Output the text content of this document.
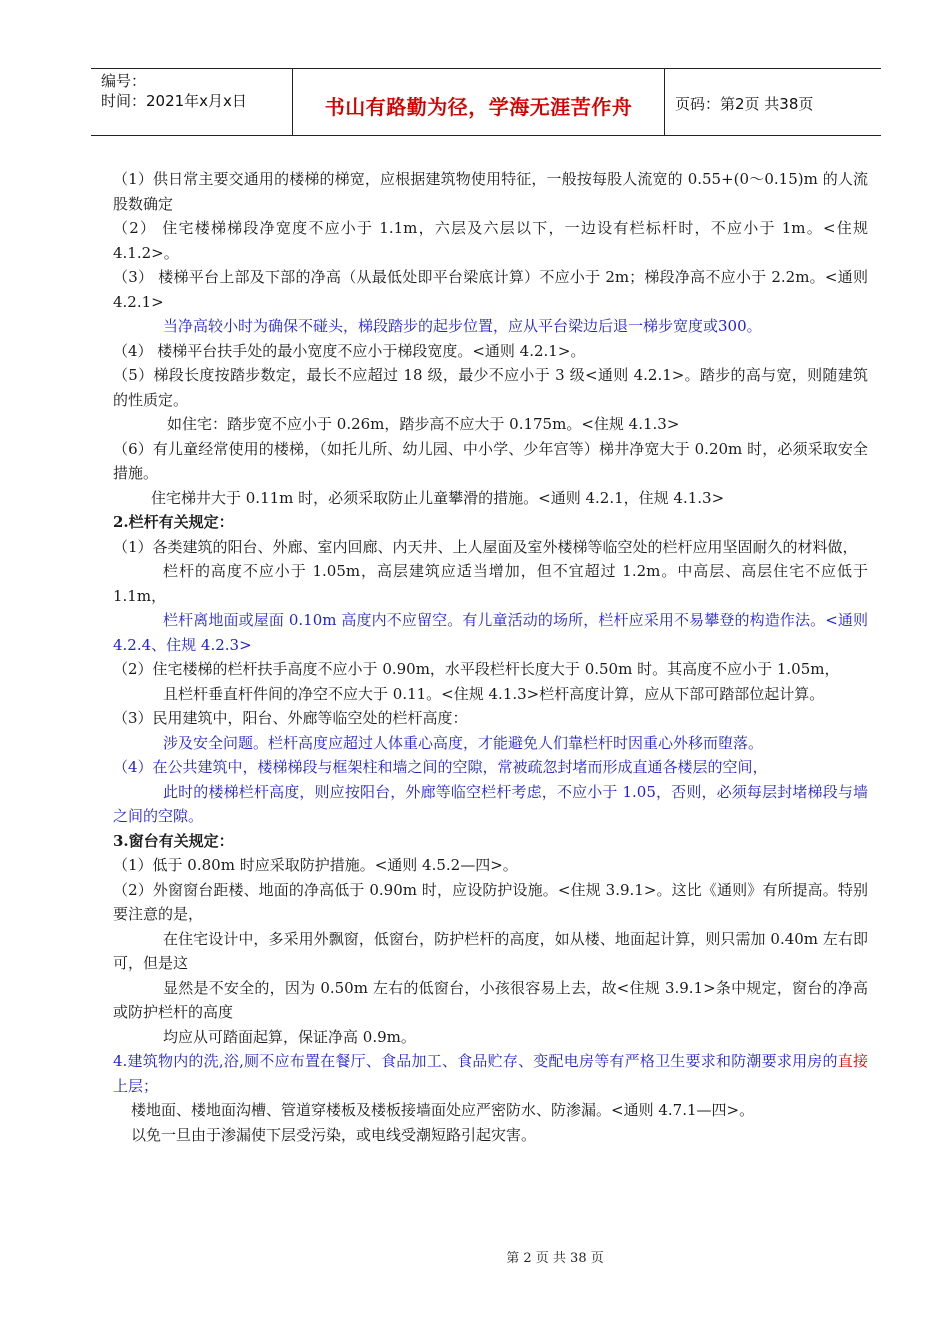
编号：
时间：2021年x月x日	书山有路勤为径，学海无涯苦作舟	页码：第2页 共38页

（1）供日常主要交通用的楼梯的梯宽，应根据建筑物使用特征，一般按每股人流宽的 0.55+(0～0.15)m 的人流股数确定

（2） 住宅楼梯梯段净宽度不应小于 1.1m，六层及六层以下，一边设有栏标杆时，不应小于 1m。<住规 4.1.2>。

（3） 楼梯平台上部及下部的净高（从最低处即平台梁底计算）不应小于 2m；梯段净高不应小于 2.2m。<通则 4.2.1>

当净高较小时为确保不碰头，梯段踏步的起步位置，应从平台梁边后退一梯步宽度或300。

（4） 楼梯平台扶手处的最小宽度不应小于梯段宽度。<通则 4.2.1>。

（5）梯段长度按踏步数定，最长不应超过 18 级，最少不应小于 3 级<通则 4.2.1>。踏步的高与宽，则随建筑的性质定。

如住宅：踏步宽不应小于 0.26m，踏步高不应大于 0.175m。<住规 4.1.3>

（6）有儿童经常使用的楼梯，（如托儿所、幼儿园、中小学、少年宫等）梯井净宽大于 0.20m 时，必须采取安全措施。

住宅梯井大于 0.11m 时，必须采取防止儿童攀滑的措施。<通则 4.2.1，住规 4.1.3>

2.栏杆有关规定：

（1）各类建筑的阳台、外廊、室内回廊、内天井、上人屋面及室外楼梯等临空处的栏杆应用坚固耐久的材料做，

栏杆的高度不应小于 1.05m，高层建筑应适当增加，但不宜超过 1.2m。中高层、高层住宅不应低于 1.1m，

栏杆离地面或屋面 0.10m 高度内不应留空。有儿童活动的场所，栏杆应采用不易攀登的构造作法。<通则 4.2.4、住规 4.2.3>

（2）住宅楼梯的栏杆扶手高度不应小于 0.90m，水平段栏杆长度大于 0.50m 时。其高度不应小于 1.05m，

且栏杆垂直杆件间的净空不应大于 0.11。<住规 4.1.3>栏杆高度计算，应从下部可踏部位起计算。

（3）民用建筑中，阳台、外廊等临空处的栏杆高度：

涉及安全问题。栏杆高度应超过人体重心高度，才能避免人们靠栏杆时因重心外移而堕落。

（4）在公共建筑中，楼梯梯段与框架柱和墙之间的空隙，常被疏忽封堵而形成直通各楼层的空间，

此时的楼梯栏杆高度，则应按阳台，外廊等临空栏杆考虑，不应小于 1.05，否则，必须每层封堵梯段与墙之间的空隙。

3.窗台有关规定：

（1）低于 0.80m 时应采取防护措施。<通则 4.5.2—四>。

（2）外窗窗台距楼、地面的净高低于 0.90m 时，应设防护设施。<住规 3.9.1>。这比《通则》有所提高。特别要注意的是，

在住宅设计中，多采用外飘窗，低窗台，防护栏杆的高度，如从楼、地面起计算，则只需加 0.40m 左右即可，但是这

显然是不安全的，因为 0.50m 左右的低窗台，小孩很容易上去，故<住规 3.9.1>条中规定，窗台的净高或防护栏杆的高度

均应从可踏面起算，保证净高 0.9m。

4.建筑物内的洗,浴,厕不应布置在餐厅、食品加工、食品贮存、变配电房等有严格卫生要求和防潮要求用房的直接上层；

楼地面、楼地面沟槽、管道穿楼板及楼板接墙面处应严密防水、防渗漏。<通则 4.7.1—四>。

以免一旦由于渗漏使下层受污染，或电线受潮短路引起灾害。

第 2 页 共 38 页
